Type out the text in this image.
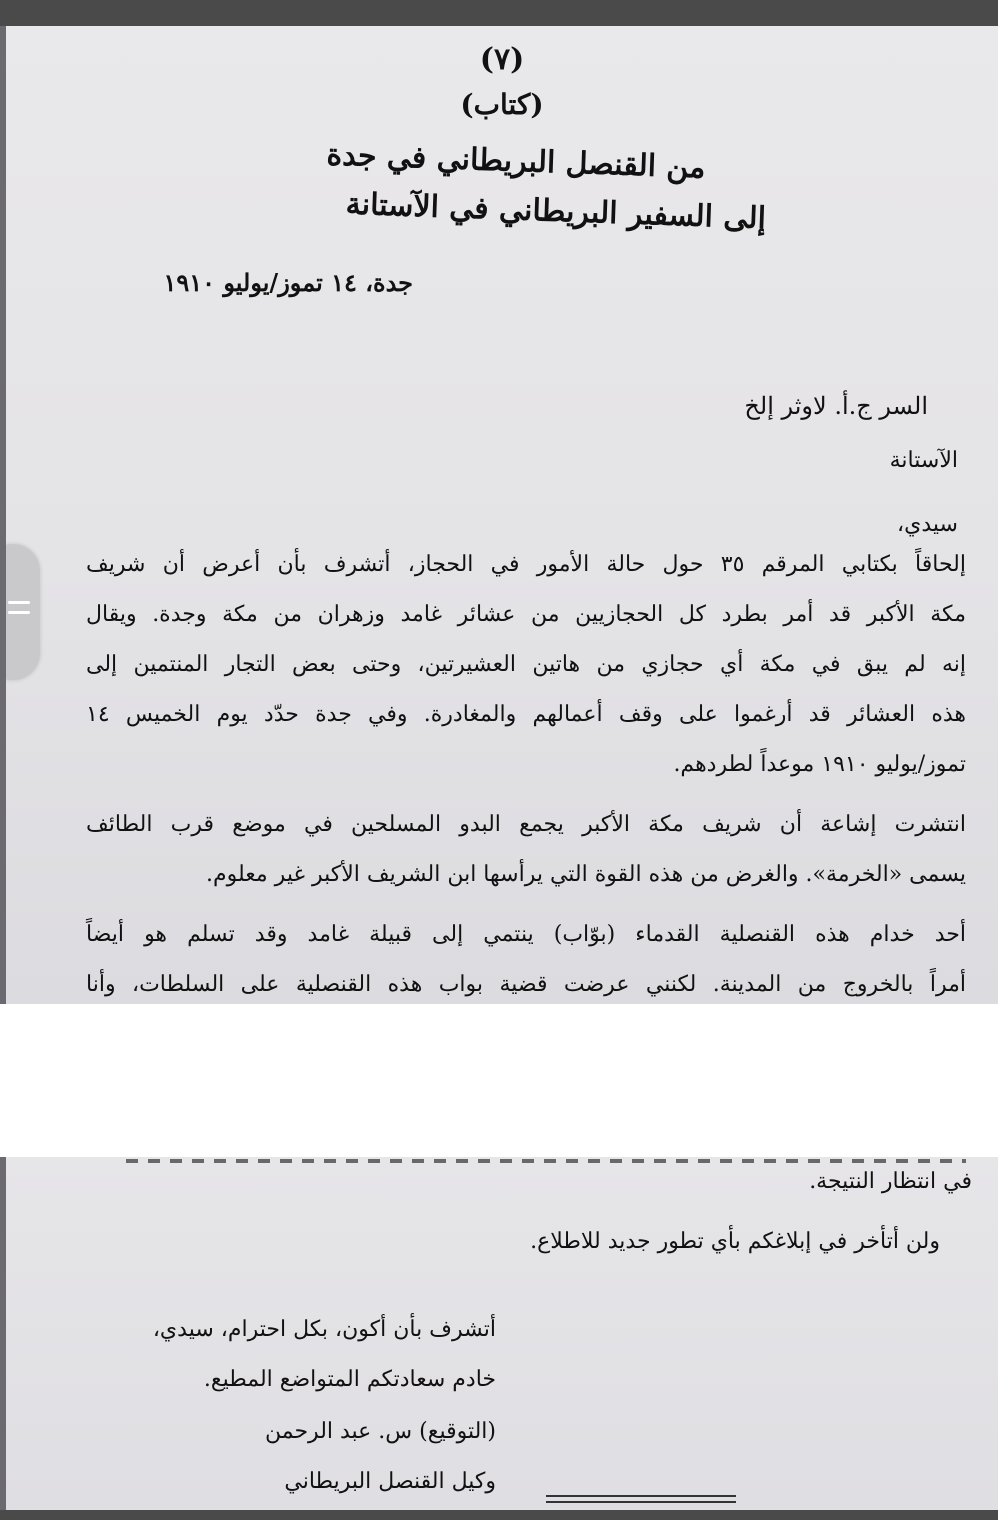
(٧)
(كتاب)
من القنصل البريطاني في جدة
إلى السفير البريطاني في الآستانة
جدة، ١٤ تموز/يوليو ١٩١٠
السر ج.أ. لاوثر إلخ
الآستانة
سيدي،
إلحاقاً بكتابي المرقم ٣٥ حول حالة الأمور في الحجاز، أتشرف بأن أعرض أن شريف
مكة الأكبر قد أمر بطرد كل الحجازيين من عشائر غامد وزهران من مكة وجدة. ويقال
إنه لم يبق في مكة أي حجازي من هاتين العشيرتين، وحتى بعض التجار المنتمين إلى
هذه العشائر قد أرغموا على وقف أعمالهم والمغادرة. وفي جدة حدّد يوم الخميس ١٤
تموز/يوليو ١٩١٠ موعداً لطردهم.
انتشرت إشاعة أن شريف مكة الأكبر يجمع البدو المسلحين في موضع قرب الطائف
يسمى «الخرمة». والغرض من هذه القوة التي يرأسها ابن الشريف الأكبر غير معلوم.
أحد خدام هذه القنصلية القدماء (بوّاب) ينتمي إلى قبيلة غامد وقد تسلم هو أيضاً
أمراً بالخروج من المدينة. لكنني عرضت قضية بواب هذه القنصلية على السلطات، وأنا
في انتظار النتيجة.
ولن أتأخر في إبلاغكم بأي تطور جديد للاطلاع.
أتشرف بأن أكون، بكل احترام، سيدي،
خادم سعادتكم المتواضع المطيع.
(التوقيع) س. عبد الرحمن
وكيل القنصل البريطاني
